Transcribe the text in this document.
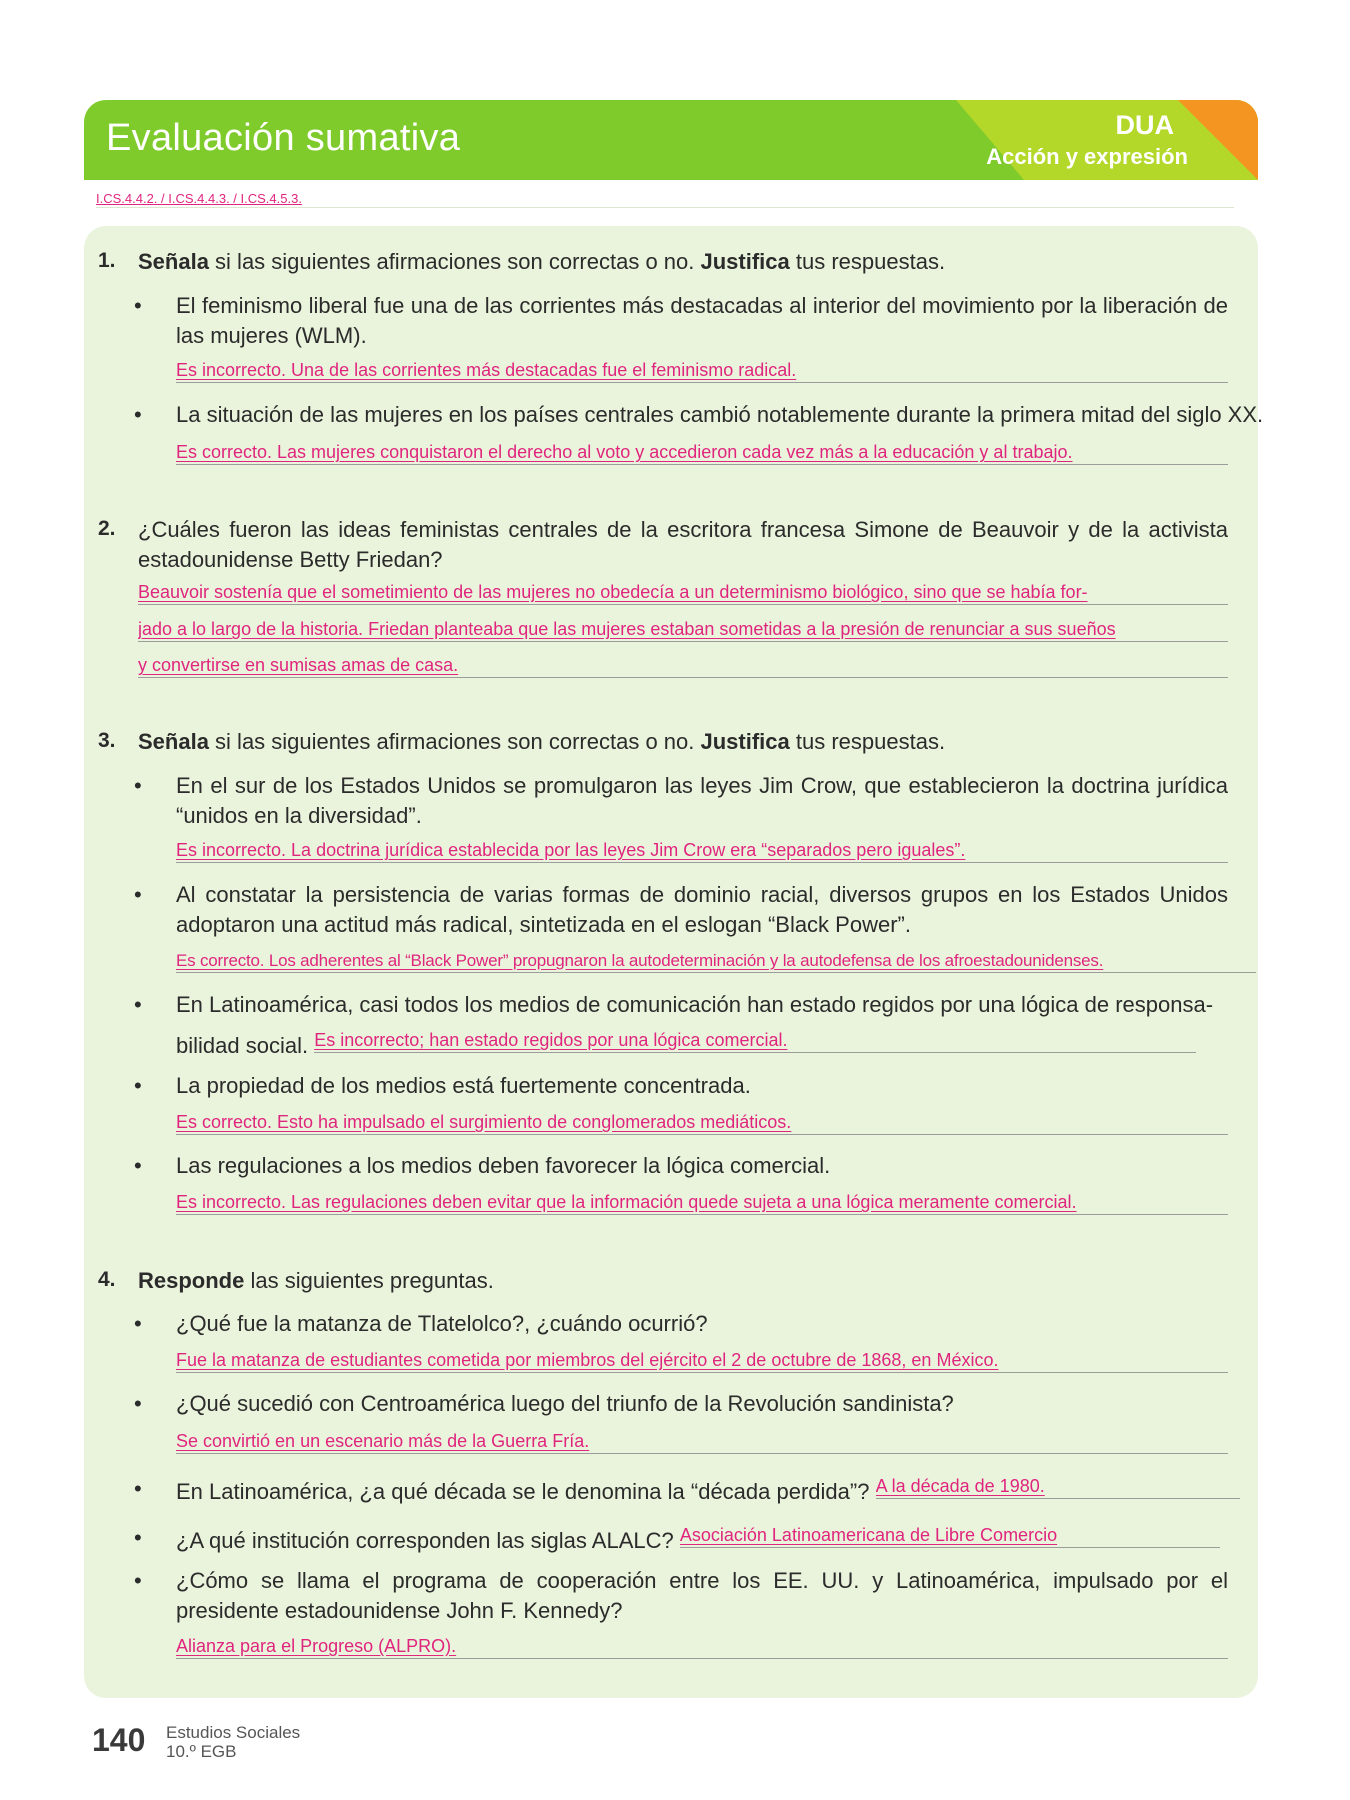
Evaluación sumativa	DUA
Acción y expresión
I.CS.4.4.2. / I.CS.4.4.3. / I.CS.4.5.3.
1. Señala si las siguientes afirmaciones son correctas o no. Justifica tus respuestas.
• El feminismo liberal fue una de las corrientes más destacadas al interior del movimiento por la liberación de las mujeres (WLM).
Es incorrecto. Una de las corrientes más destacadas fue el feminismo radical.
• La situación de las mujeres en los países centrales cambió notablemente durante la primera mitad del siglo XX.
Es correcto. Las mujeres conquistaron el derecho al voto y accedieron cada vez más a la educación y al trabajo.
2. ¿Cuáles fueron las ideas feministas centrales de la escritora francesa Simone de Beauvoir y de la activista estadounidense Betty Friedan?
Beauvoir sostenía que el sometimiento de las mujeres no obedecía a un determinismo biológico, sino que se había for-
jado a lo largo de la historia. Friedan planteaba que las mujeres estaban sometidas a la presión de renunciar a sus sueños
y convertirse en sumisas amas de casa.
3. Señala si las siguientes afirmaciones son correctas o no. Justifica tus respuestas.
• En el sur de los Estados Unidos se promulgaron las leyes Jim Crow, que establecieron la doctrina jurídica “unidos en la diversidad”.
Es incorrecto. La doctrina jurídica establecida por las leyes Jim Crow era “separados pero iguales”.
• Al constatar la persistencia de varias formas de dominio racial, diversos grupos en los Estados Unidos adoptaron una actitud más radical, sintetizada en el eslogan “Black Power”.
Es correcto. Los adherentes al “Black Power” propugnaron la autodeterminación y la autodefensa de los afroestadounidenses.
• En Latinoamérica, casi todos los medios de comunicación han estado regidos por una lógica de responsa-
bilidad social. Es incorrecto; han estado regidos por una lógica comercial.
• La propiedad de los medios está fuertemente concentrada.
Es correcto. Esto ha impulsado el surgimiento de conglomerados mediáticos.
• Las regulaciones a los medios deben favorecer la lógica comercial.
Es incorrecto. Las regulaciones deben evitar que la información quede sujeta a una lógica meramente comercial.
4. Responde las siguientes preguntas.
• ¿Qué fue la matanza de Tlatelolco?, ¿cuándo ocurrió?
Fue la matanza de estudiantes cometida por miembros del ejército el 2 de octubre de 1868, en México.
• ¿Qué sucedió con Centroamérica luego del triunfo de la Revolución sandinista?
Se convirtió en un escenario más de la Guerra Fría.
• En Latinoamérica, ¿a qué década se le denomina la “década perdida”? A la década de 1980.
• ¿A qué institución corresponden las siglas ALALC? Asociación Latinoamericana de Libre Comercio
• ¿Cómo se llama el programa de cooperación entre los EE. UU. y Latinoamérica, impulsado por el presidente estadounidense John F. Kennedy?
Alianza para el Progreso (ALPRO).
140 Estudios Sociales
10.º EGB
